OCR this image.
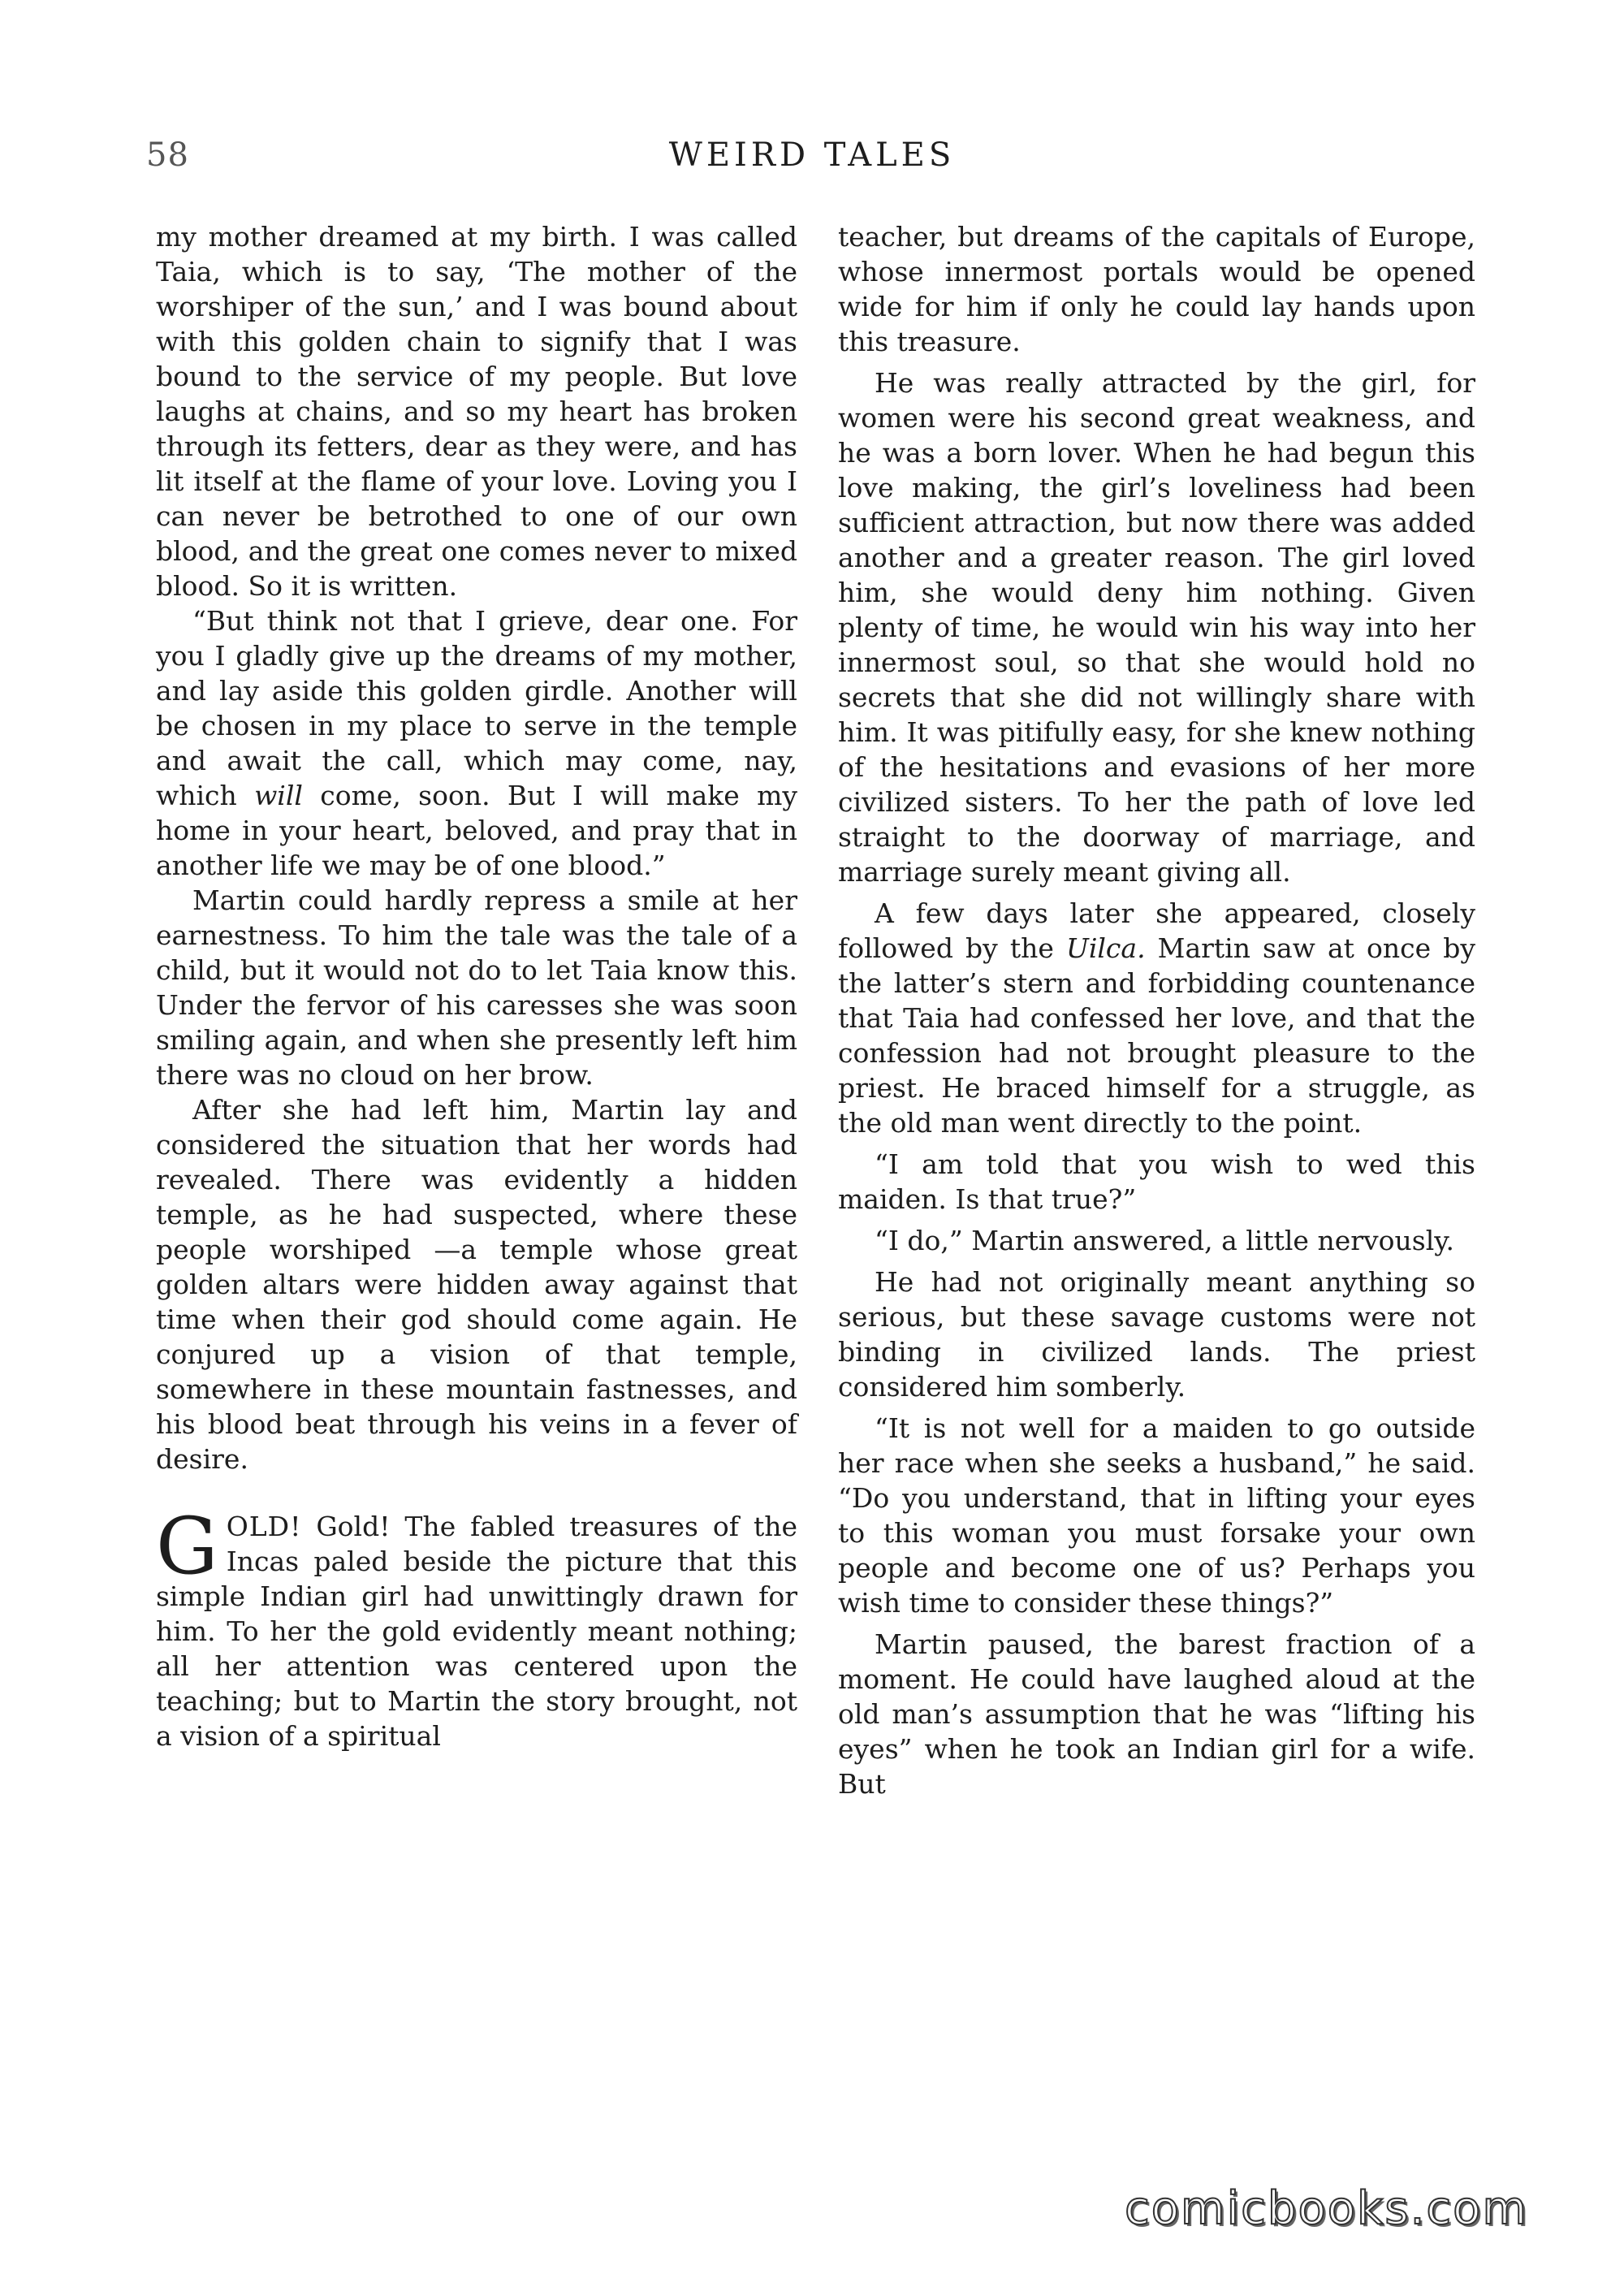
58	WEIRD TALES

my mother dreamed at my birth. I was called Taia, which is to say, ‘The mother of the worshiper of the sun,’ and I was bound about with this golden chain to signify that I was bound to the service of my people. But love laughs at chains, and so my heart has broken through its fetters, dear as they were, and has lit itself at the flame of your love. Loving you I can never be betrothed to one of our own blood, and the great one comes never to mixed blood. So it is written.

“But think not that I grieve, dear one. For you I gladly give up the dreams of my mother, and lay aside this golden girdle. Another will be chosen in my place to serve in the temple and await the call, which may come, nay, which will come, soon. But I will make my home in your heart, beloved, and pray that in another life we may be of one blood.”

Martin could hardly repress a smile at her earnestness. To him the tale was the tale of a child, but it would not do to let Taia know this. Under the fervor of his caresses she was soon smiling again, and when she presently left him there was no cloud on her brow.

After she had left him, Martin lay and considered the situation that her words had revealed. There was evidently a hidden temple, as he had suspected, where these people worshiped —a temple whose great golden altars were hidden away against that time when their god should come again. He conjured up a vision of that temple, somewhere in these mountain fastnesses, and his blood beat through his veins in a fever of desire.

GOLD! Gold! The fabled treasures of the Incas paled beside the picture that this simple Indian girl had unwittingly drawn for him. To her the gold evidently meant nothing; all her attention was centered upon the teaching; but to Martin the story brought, not a vision of a spiritual

teacher, but dreams of the capitals of Europe, whose innermost portals would be opened wide for him if only he could lay hands upon this treasure.

He was really attracted by the girl, for women were his second great weakness, and he was a born lover. When he had begun this love making, the girl’s loveliness had been sufficient attraction, but now there was added another and a greater reason. The girl loved him, she would deny him nothing. Given plenty of time, he would win his way into her innermost soul, so that she would hold no secrets that she did not willingly share with him. It was pitifully easy, for she knew nothing of the hesitations and evasions of her more civilized sisters. To her the path of love led straight to the doorway of marriage, and marriage surely meant giving all.

A few days later she appeared, closely followed by the Uilca. Martin saw at once by the latter’s stern and forbidding countenance that Taia had confessed her love, and that the confession had not brought pleasure to the priest. He braced himself for a struggle, as the old man went directly to the point.

“I am told that you wish to wed this maiden. Is that true?”

“I do,” Martin answered, a little nervously.

He had not originally meant anything so serious, but these savage customs were not binding in civilized lands. The priest considered him somberly.

“It is not well for a maiden to go outside her race when she seeks a husband,” he said. “Do you understand, that in lifting your eyes to this woman you must forsake your own people and become one of us? Perhaps you wish time to consider these things?”

Martin paused, the barest fraction of a moment. He could have laughed aloud at the old man’s assumption that he was “lifting his eyes” when he took an Indian girl for a wife. But

comicbooks.com
